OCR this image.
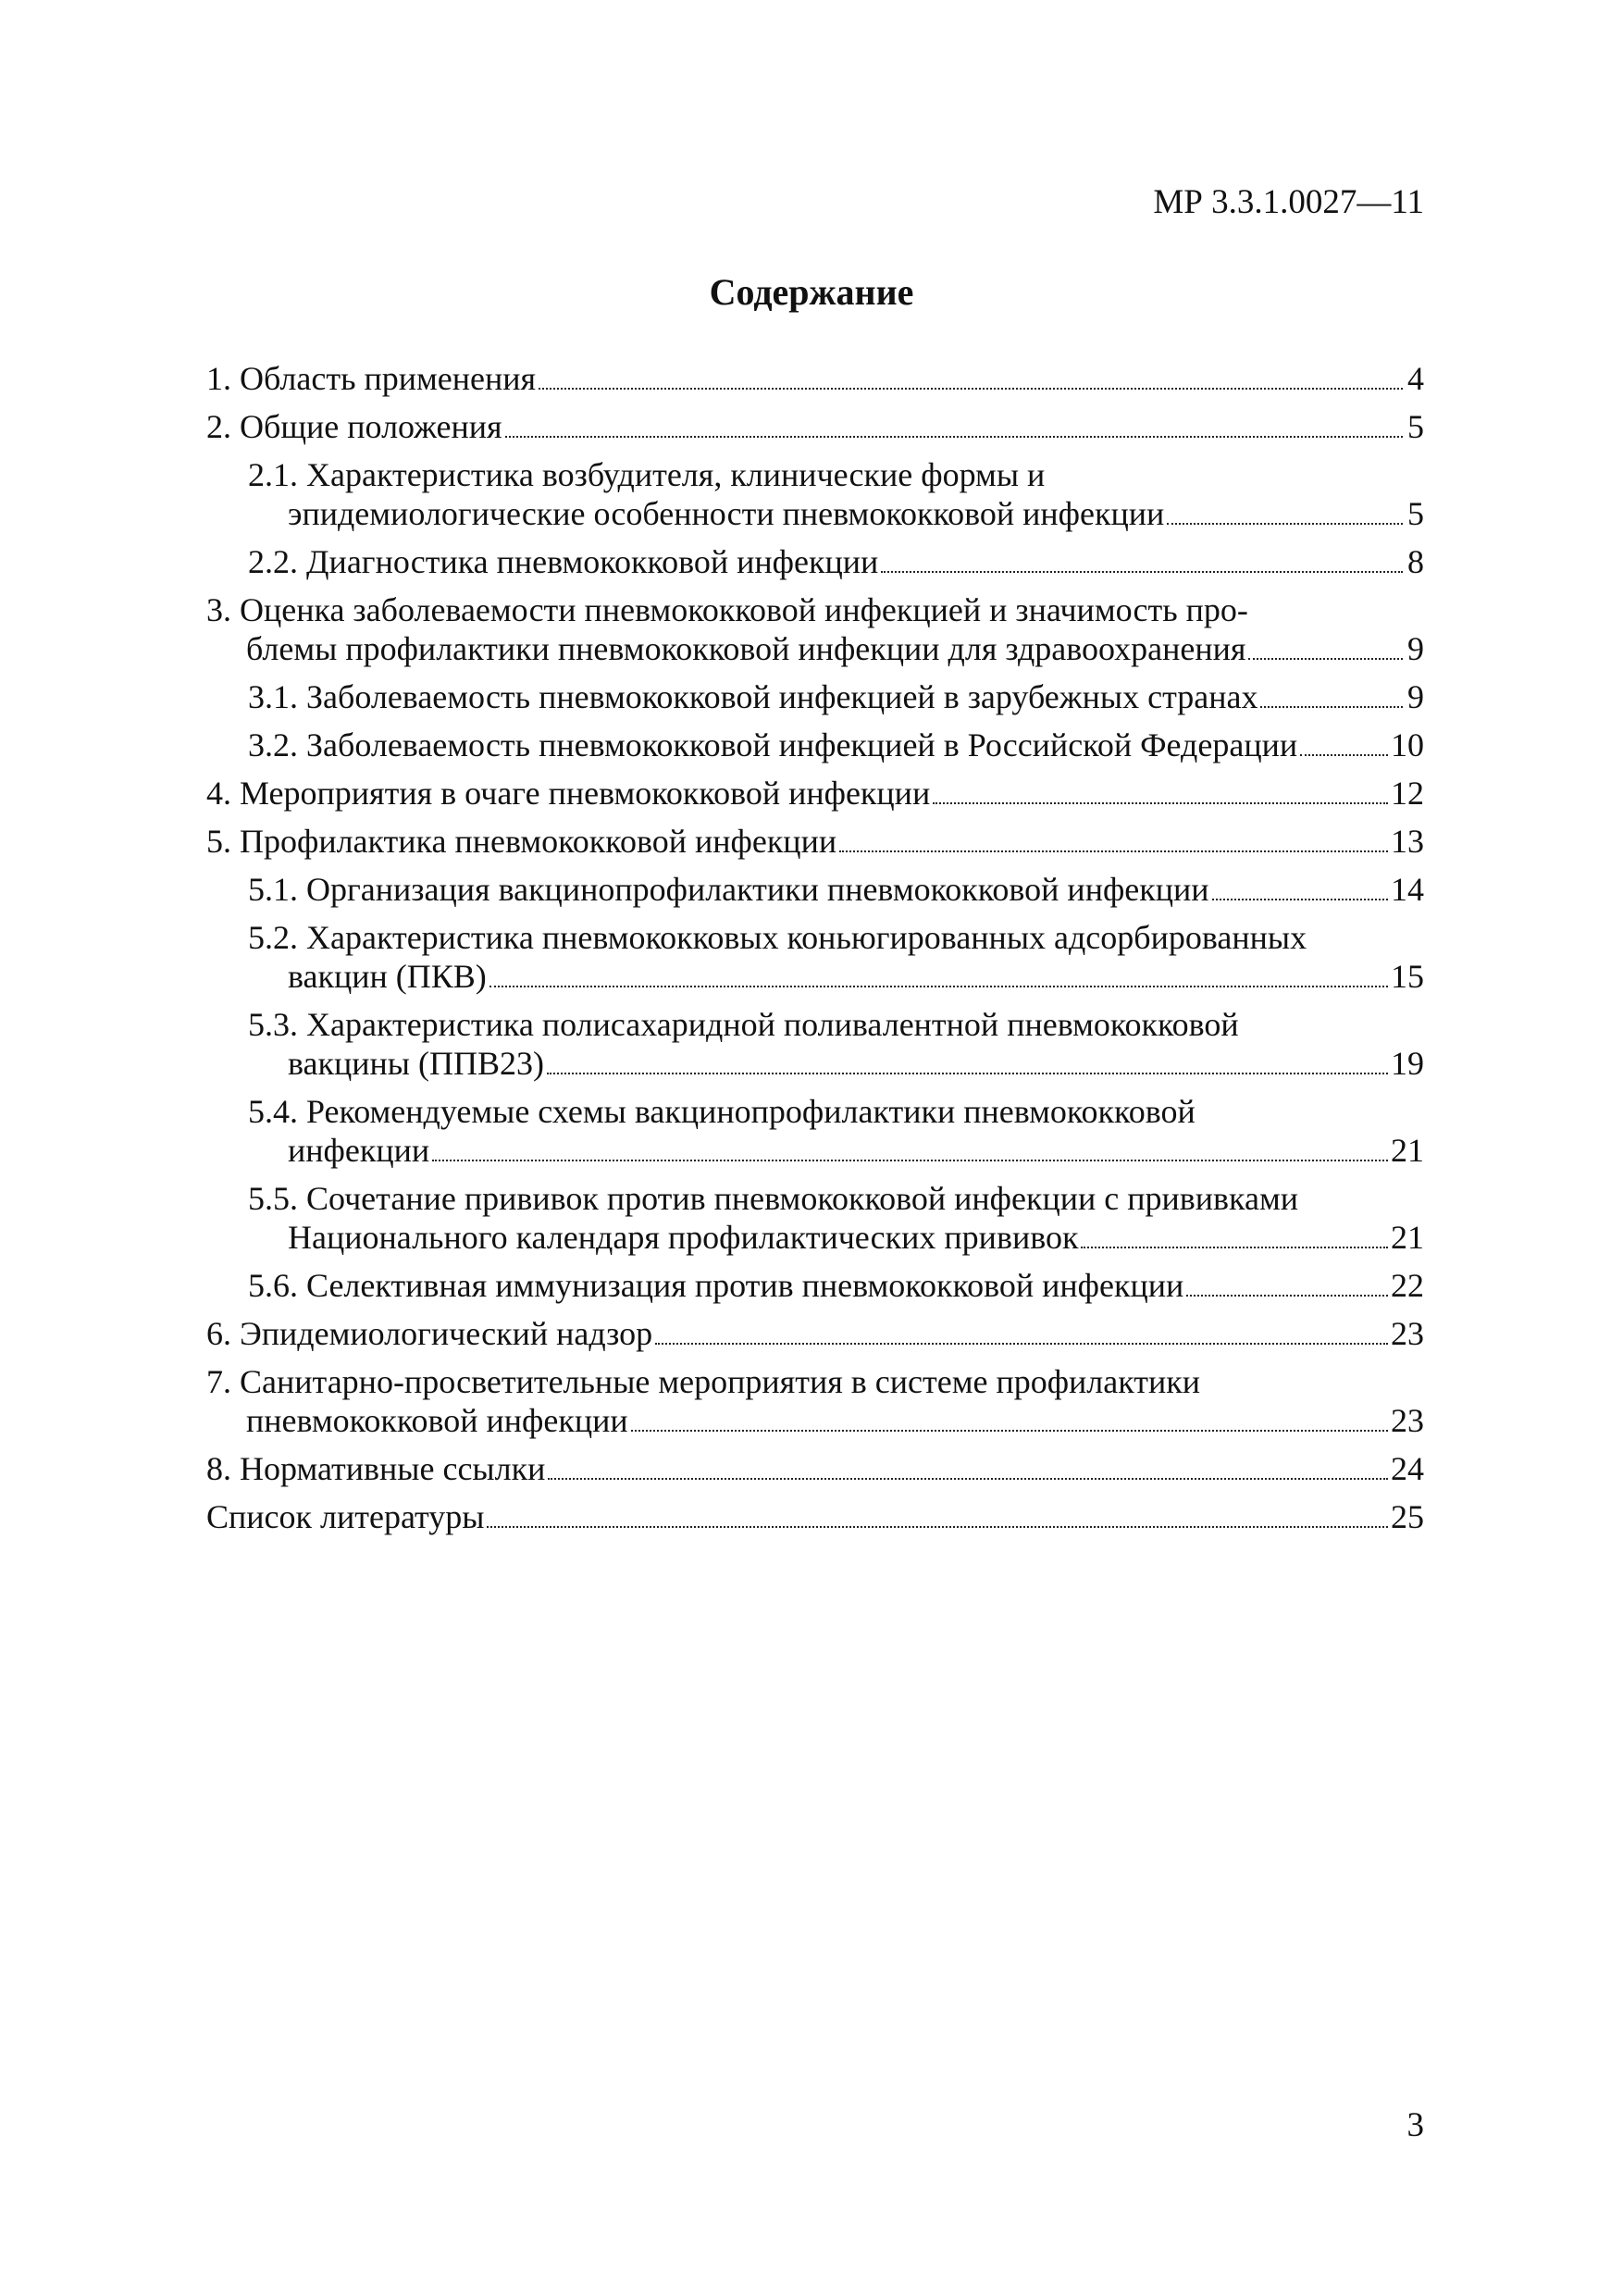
МР 3.3.1.0027—11
Содержание
1. Область применения	4
2. Общие положения	5
2.1. Характеристика возбудителя, клинические формы и
эпидемиологические особенности пневмококковой инфекции	5
2.2. Диагностика пневмококковой инфекции	8
3. Оценка заболеваемости пневмококковой инфекцией и значимость про-
блемы профилактики пневмококковой инфекции для здравоохранения	9
3.1. Заболеваемость пневмококковой инфекцией в зарубежных странах	9
3.2. Заболеваемость пневмококковой инфекцией в Российской Федерации	10
4. Мероприятия в очаге пневмококковой инфекции	12
5. Профилактика пневмококковой инфекции	13
5.1. Организация вакцинопрофилактики пневмококковой инфекции	14
5.2. Характеристика пневмококковых коньюгированных адсорбированных
вакцин (ПКВ)	15
5.3. Характеристика полисахаридной поливалентной пневмококковой
вакцины (ППВ23)	19
5.4. Рекомендуемые схемы вакцинопрофилактики пневмококковой
инфекции	21
5.5. Сочетание прививок против пневмококковой инфекции с прививками
Национального календаря профилактических прививок	21
5.6. Селективная иммунизация против пневмококковой инфекции	22
6. Эпидемиологический надзор	23
7. Санитарно-просветительные мероприятия в системе профилактики
пневмококковой инфекции	23
8. Нормативные ссылки	24
Список литературы	25
3
